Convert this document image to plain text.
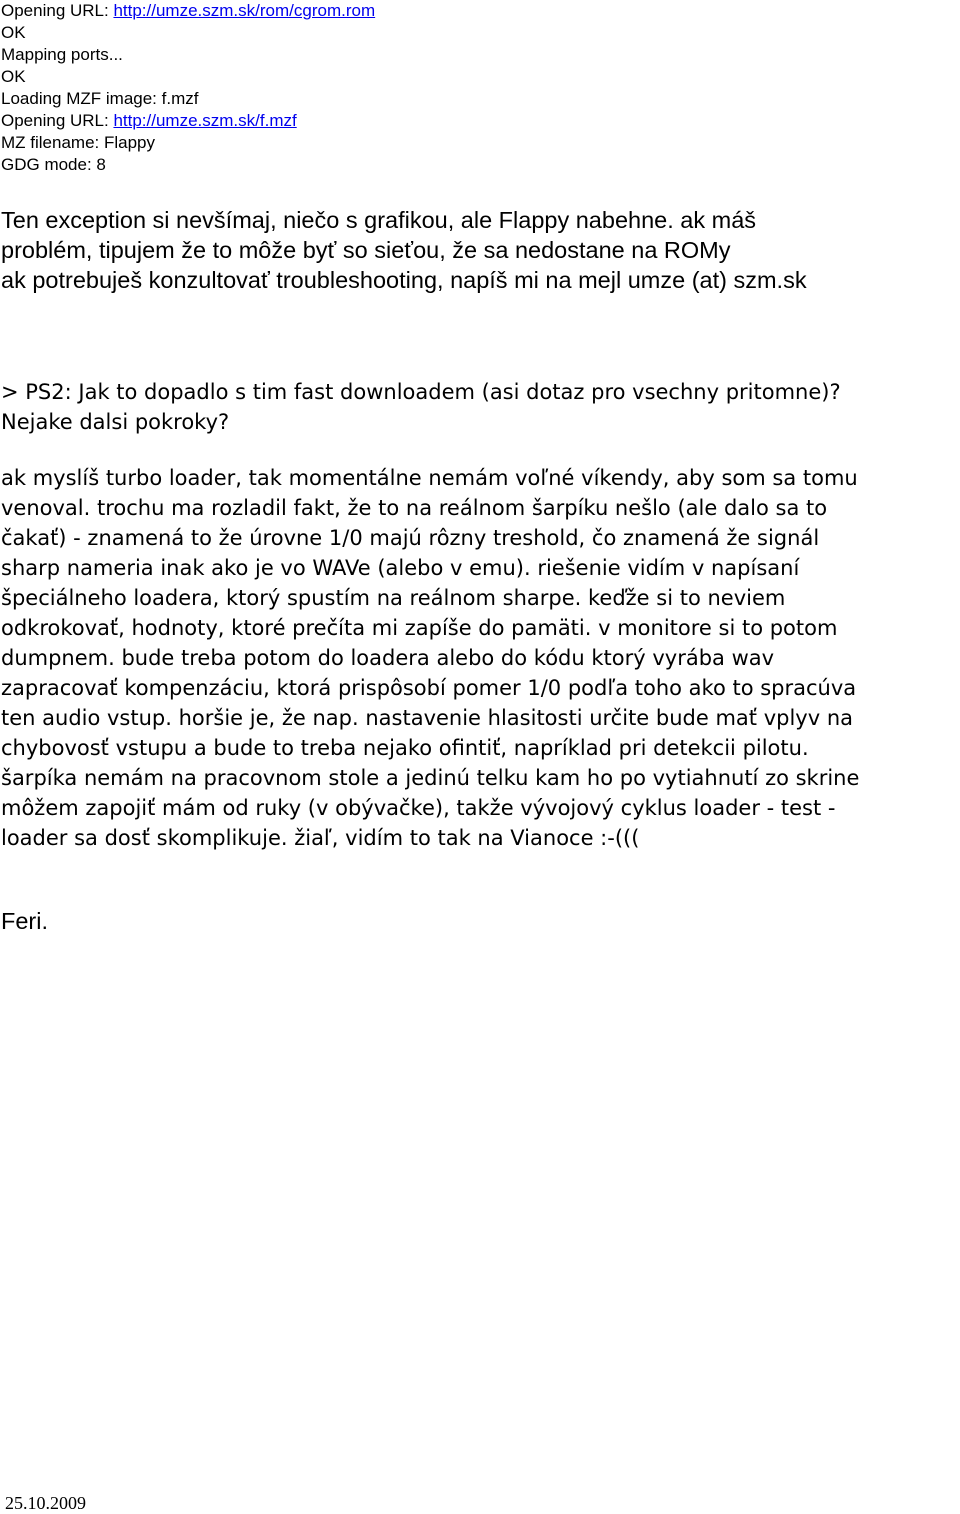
Opening URL: http://umze.szm.sk/rom/cgrom.rom
OK
Mapping ports...
OK
Loading MZF image: f.mzf
Opening URL: http://umze.szm.sk/f.mzf
MZ filename: Flappy
GDG mode: 8
Ten exception si nevšímaj, niečo s grafikou, ale Flappy nabehne. ak máš
problém, tipujem že to môže byť so sieťou, že sa nedostane na ROMy
ak potrebuješ konzultovať troubleshooting, napíš mi na mejl umze (at) szm.sk
> PS2: Jak to dopadlo s tim fast downloadem (asi dotaz pro vsechny pritomne)?
Nejake dalsi pokroky?
ak myslíš turbo loader, tak momentálne nemám voľné víkendy, aby som sa tomu
venoval. trochu ma rozladil fakt, že to na reálnom šarpíku nešlo (ale dalo sa to
čakať) - znamená to že úrovne 1/0 majú rôzny treshold, čo znamená že signál
sharp nameria inak ako je vo WAVe (alebo v emu). riešenie vidím v napísaní
špeciálneho loadera, ktorý spustím na reálnom sharpe. keďže si to neviem
odkrokovať, hodnoty, ktoré prečíta mi zapíše do pamäti. v monitore si to potom
dumpnem. bude treba potom do loadera alebo do kódu ktorý vyrába wav
zapracovať kompenzáciu, ktorá prispôsobí pomer 1/0 podľa toho ako to spracúva
ten audio vstup. horšie je, že nap. nastavenie hlasitosti určite bude mať vplyv na
chybovosť vstupu a bude to treba nejako ofintiť, napríklad pri detekcii pilotu.
šarpíka nemám na pracovnom stole a jedinú telku kam ho po vytiahnutí zo skrine
môžem zapojiť mám od ruky (v obývačke), takže vývojový cyklus loader - test -
loader sa dosť skomplikuje. žiaľ, vidím to tak na Vianoce :-(((
Feri.
25.10.2009
